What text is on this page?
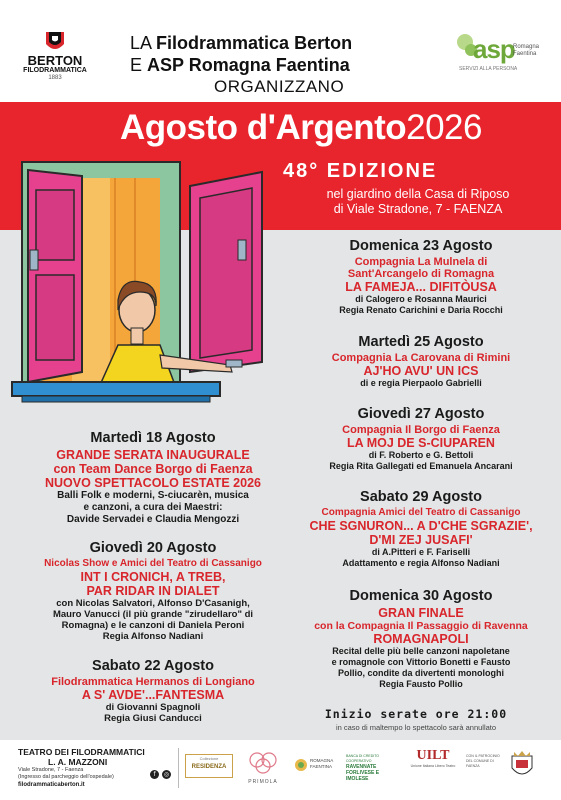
BERTON
FILODRAMMATICA
1883
LA Filodrammatica Berton
E ASP Romagna Faentina
ORGANIZZANO
asp
Romagna
Faentina
SERVIZI ALLA PERSONA
Agosto d'Argento2026
48° EDIZIONE
nel giardino della Casa di Riposo
di Viale Stradone, 7 - FAENZA
Martedì 18 Agosto
GRANDE SERATA INAUGURALE
con Team Dance Borgo di Faenza
NUOVO SPETTACOLO ESTATE 2026
Balli Folk e moderni, S-ciucarèn, musica
e canzoni, a cura dei Maestri:
Davide Servadei e Claudia Mengozzi
Giovedì 20 Agosto
Nicolas Show e Amici del Teatro di Cassanigo
INT I CRONICH, A TREB,
PAR RIDAR IN DIALET
con Nicolas Salvatori, Alfonso D'Casanigh,
Mauro Vanucci (il più grande "zirudellaro" di
Romagna) e le canzoni di Daniela Peroni
Regia Alfonso Nadiani
Sabato 22 Agosto
Filodrammatica Hermanos di Longiano
A S' AVDE'...FANTESMA
di Giovanni Spagnoli
Regia Giusi Canducci
Domenica 23 Agosto
Compagnia La Mulnela di
Sant'Arcangelo di Romagna
LA FAMEJA... DIFITÒUSA
di Calogero e Rosanna Maurici
Regia Renato Carichini e Daria Rocchi
Martedì 25 Agosto
Compagnia La Carovana di Rimini
AJ'HO AVU' UN ICS
di e regia Pierpaolo Gabrielli
Giovedì 27 Agosto
Compagnia Il Borgo di Faenza
LA MOJ DE S-CIUPAREN
di F. Roberto e G. Bettoli
Regia Rita Gallegati ed Emanuela Ancarani
Sabato 29 Agosto
Compagnia Amici del Teatro di Cassanigo
CHE SGNURON... A D'CHE SGRAZIE',
D'MI ZEJ JUSAFI'
di A.Pitteri e F. Fariselli
Adattamento e regia Alfonso Nadiani
Domenica 30 Agosto
GRAN FINALE
con la Compagnia Il Passaggio di Ravenna
ROMAGNAPOLI
Recital delle più belle canzoni napoletane
e romagnole con Vittorio Bonetti e Fausto
Pollio, condite da divertenti monologhi
Regia Fausto Pollio
Inizio serate ore 21:00
in caso di maltempo lo spettacolo sarà annullato
TEATRO DEI FILODRAMMATICI
L. A. MAZZONI
Viale Stradone, 7 - Faenza
(Ingresso dal parcheggio dell'ospedale)
filodrammaticaberton.it
f	◎
Collezione
RESIDENZA
PRIMOLA
ROMAGNA FAENTINA
BANCA DI CREDITO COOPERATIVO
RAVENNATE FORLIVESE E IMOLESE
UILT
Unione Italiana Libero Teatro
CON IL PATROCINIO DEL COMUNE DI FAENZA
